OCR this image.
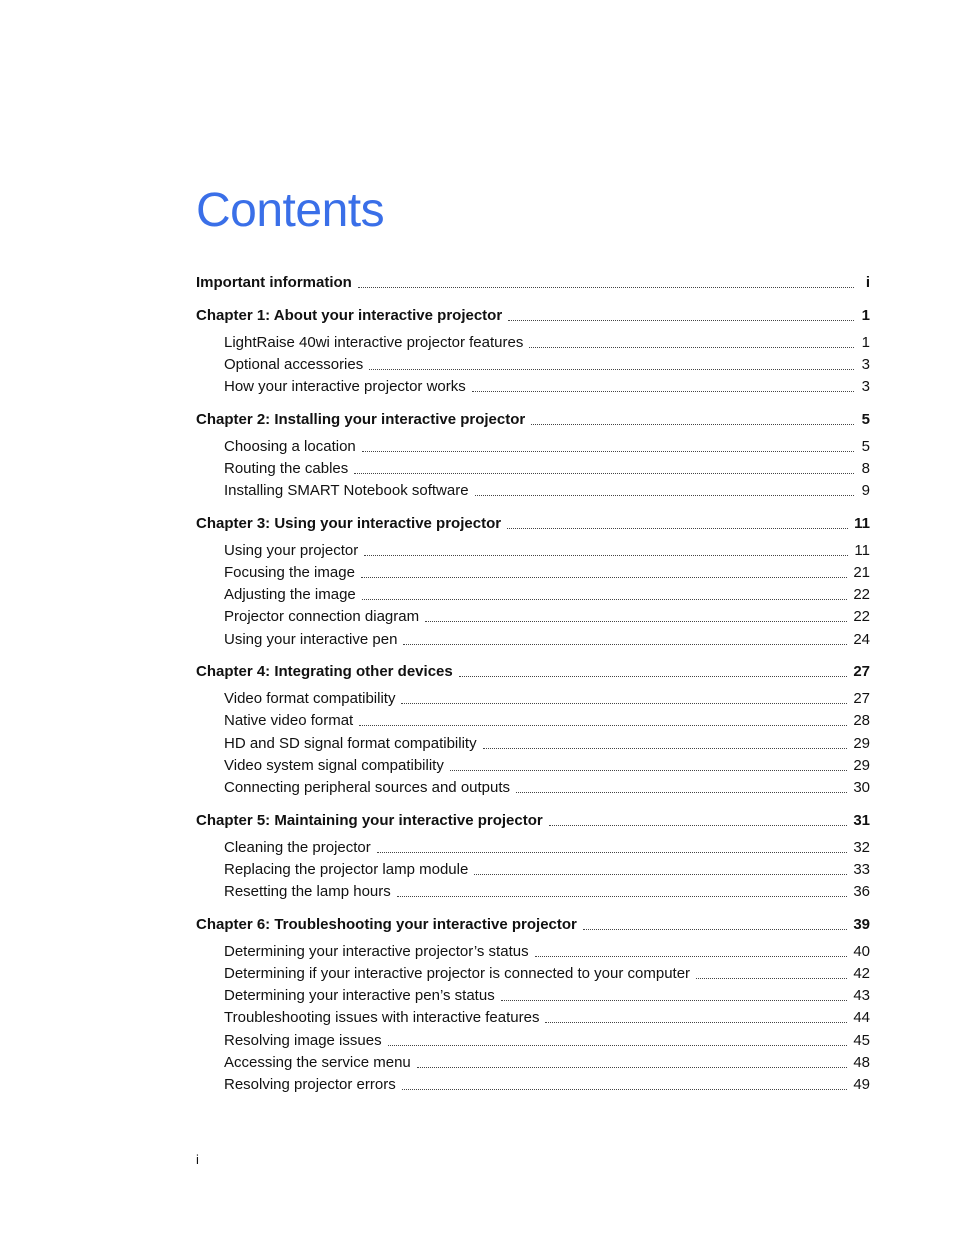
Contents
Important information	i
Chapter 1: About your interactive projector	1
LightRaise 40wi interactive projector features	1
Optional accessories	3
How your interactive projector works	3
Chapter 2: Installing your interactive projector	5
Choosing a location	5
Routing the cables	8
Installing SMART Notebook software	9
Chapter 3: Using your interactive projector	11
Using your projector	11
Focusing the image	21
Adjusting the image	22
Projector connection diagram	22
Using your interactive pen	24
Chapter 4: Integrating other devices	27
Video format compatibility	27
Native video format	28
HD and SD signal format compatibility	29
Video system signal compatibility	29
Connecting peripheral sources and outputs	30
Chapter 5: Maintaining your interactive projector	31
Cleaning the projector	32
Replacing the projector lamp module	33
Resetting the lamp hours	36
Chapter 6: Troubleshooting your interactive projector	39
Determining your interactive projector’s status	40
Determining if your interactive projector is connected to your computer	42
Determining your interactive pen’s status	43
Troubleshooting issues with interactive features	44
Resolving image issues	45
Accessing the service menu	48
Resolving projector errors	49
i
